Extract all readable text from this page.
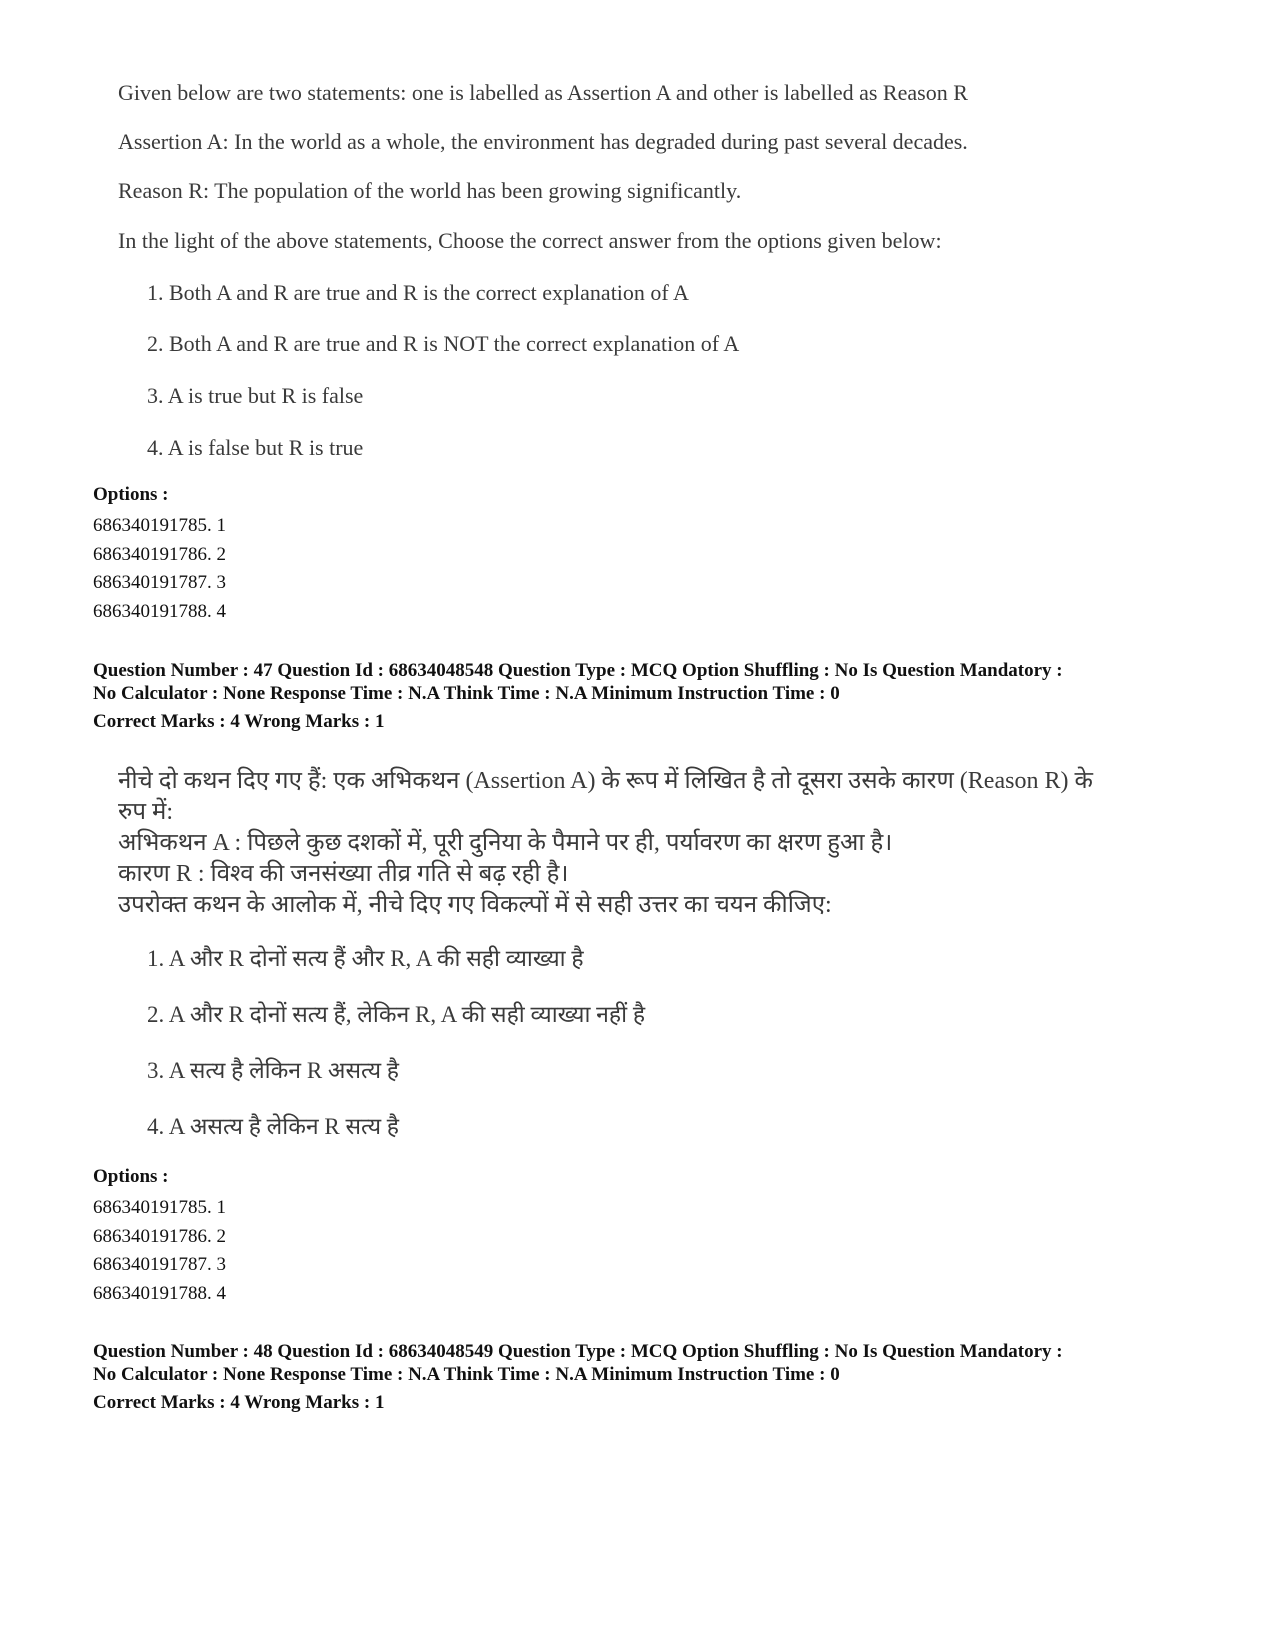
Given below are two statements: one is labelled as Assertion A and other is labelled as Reason R

Assertion A: In the world as a whole, the environment has degraded during past several decades.

Reason R: The population of the world has been growing significantly.

In the light of the above statements, Choose the correct answer from the options given below:

1. Both A and R are true and R is the correct explanation of A

2. Both A and R are true and R is NOT the correct explanation of A

3. A is true but R is false

4. A is false but R is true

Options :

686340191785. 1

686340191786. 2

686340191787. 3

686340191788. 4

Question Number : 47 Question Id : 68634048548 Question Type : MCQ Option Shuffling : No Is Question Mandatory :

No Calculator : None Response Time : N.A Think Time : N.A Minimum Instruction Time : 0

Correct Marks : 4 Wrong Marks : 1

नीचे दो कथन दिए गए हैं: एक अभिकथन (Assertion A) के रूप में लिखित है तो दूसरा उसके कारण (Reason R) के

रुप में:

अभिकथन A : पिछले कुछ दशकों में, पूरी दुनिया के पैमाने पर ही, पर्यावरण का क्षरण हुआ है।

कारण R : विश्व की जनसंख्या तीव्र गति से बढ़ रही है।

उपरोक्त कथन के आलोक में, नीचे दिए गए विकल्पों में से सही उत्तर का चयन कीजिए:

1. A और R दोनों सत्य हैं और R, A की सही व्याख्या है

2. A और R दोनों सत्य हैं, लेकिन R, A की सही व्याख्या नहीं है

3. A सत्य है लेकिन R असत्य है

4. A असत्य है लेकिन R सत्य है

Options :

686340191785. 1

686340191786. 2

686340191787. 3

686340191788. 4

Question Number : 48 Question Id : 68634048549 Question Type : MCQ Option Shuffling : No Is Question Mandatory :

No Calculator : None Response Time : N.A Think Time : N.A Minimum Instruction Time : 0

Correct Marks : 4 Wrong Marks : 1
